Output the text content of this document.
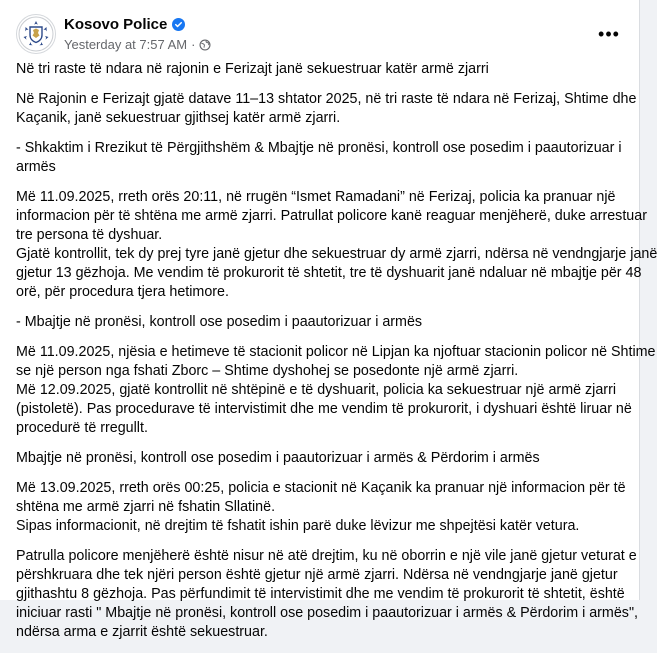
Kosovo Police
Yesterday at 7:57 AM ·
•••

Në tri raste të ndara në rajonin e Ferizajt janë sekuestruar katër armë zjarri

Në Rajonin e Ferizajt gjatë datave 11–13 shtator 2025, në tri raste të ndara në Ferizaj, Shtime dhe
Kaçanik, janë sekuestruar gjithsej katër armë zjarri.

- Shkaktim i Rrezikut të Përgjithshëm & Mbajtje në pronësi, kontroll ose posedim i paautorizuar i
armës

Më 11.09.2025, rreth orës 20:11, në rrugën “Ismet Ramadani” në Ferizaj, policia ka pranuar një
informacion për të shtëna me armë zjarri. Patrullat policore kanë reaguar menjëherë, duke arrestuar
tre persona të dyshuar.
Gjatë kontrollit, tek dy prej tyre janë gjetur dhe sekuestruar dy armë zjarri, ndërsa në vendngjarje janë
gjetur 13 gëzhoja. Me vendim të prokurorit të shtetit, tre të dyshuarit janë ndaluar në mbajtje për 48
orë, për procedura tjera hetimore.

- Mbajtje në pronësi, kontroll ose posedim i paautorizuar i armës

Më 11.09.2025, njësia e hetimeve të stacionit policor në Lipjan ka njoftuar stacionin policor në Shtime
se një person nga fshati Zborc – Shtime dyshohej se posedonte një armë zjarri.
Më 12.09.2025, gjatë kontrollit në shtëpinë e të dyshuarit, policia ka sekuestruar një armë zjarri
(pistoletë). Pas procedurave të intervistimit dhe me vendim të prokurorit, i dyshuari është liruar në
procedurë të rregullt.

Mbajtje në pronësi, kontroll ose posedim i paautorizuar i armës & Përdorim i armës

Më 13.09.2025, rreth orës 00:25, policia e stacionit në Kaçanik ka pranuar një informacion për të
shtëna me armë zjarri në fshatin Sllatinë.
Sipas informacionit, në drejtim të fshatit ishin parë duke lëvizur me shpejtësi katër vetura.

Patrulla policore menjëherë është nisur në atë drejtim, ku në oborrin e një vile janë gjetur veturat e
përshkruara dhe tek njëri person është gjetur një armë zjarri. Ndërsa në vendngjarje janë gjetur
gjithashtu 8 gëzhoja. Pas përfundimit të intervistimit dhe me vendim të prokurorit të shtetit, është
iniciuar rasti " Mbajtje në pronësi, kontroll ose posedim i paautorizuar i armës & Përdorim i armës",
ndërsa arma e zjarrit është sekuestruar.
